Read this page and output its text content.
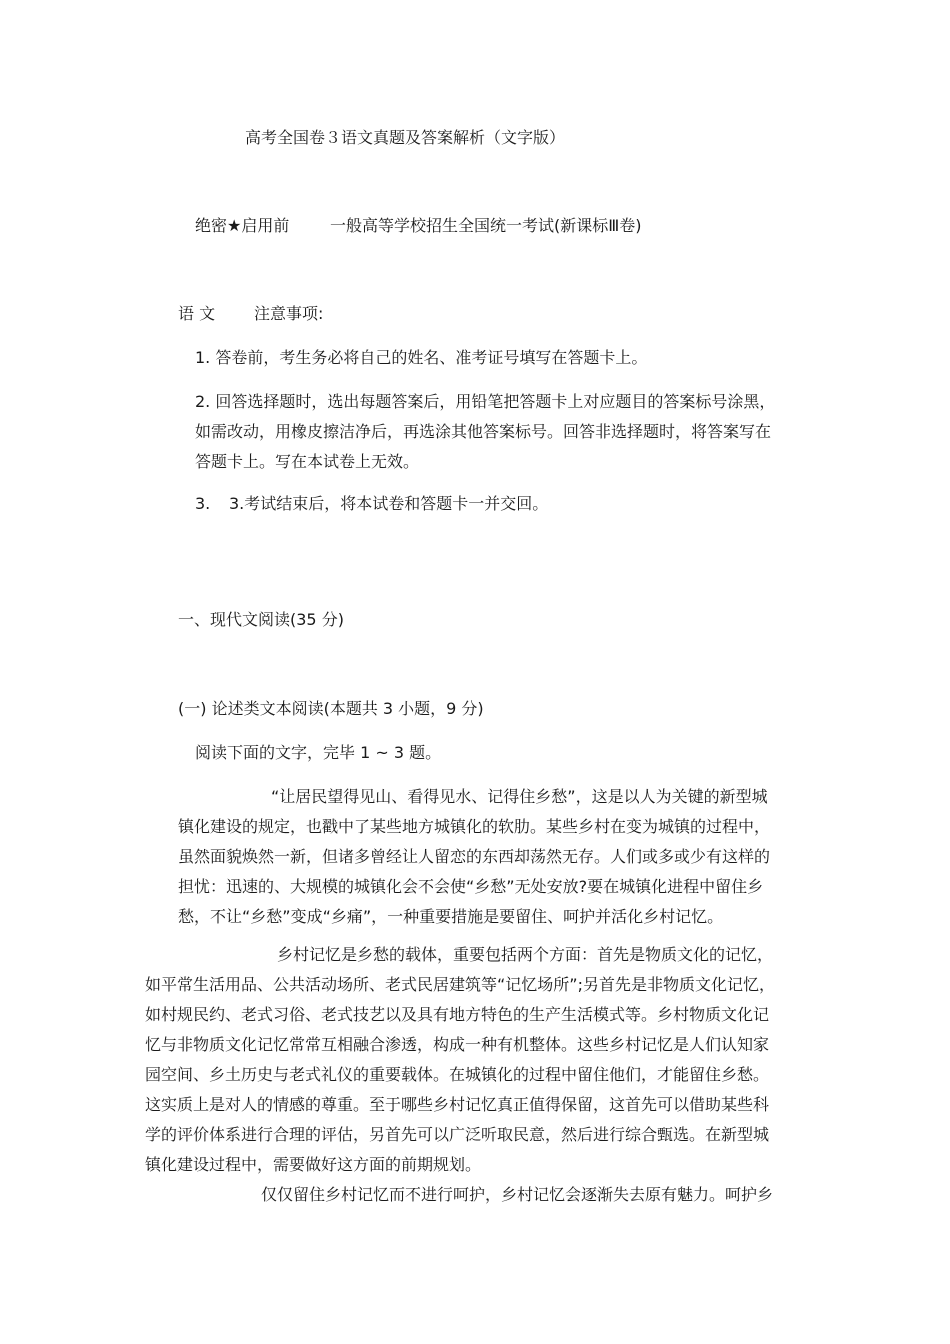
高考全国卷３语文真题及答案解析（文字版）
绝密★启用前	一般高等学校招生全国统一考试(新课标Ⅲ卷)
语 文 注意事项:
1. 答卷前，考生务必将自己的姓名、准考证号填写在答题卡上。

2. 回答选择题时，选出每题答案后，用铅笔把答题卡上对应题目的答案标号涂黑，

如需改动，用橡皮擦洁净后，再选涂其他答案标号。回答非选择题时，将答案写在

答题卡上。写在本试卷上无效。

3. 3.考试结束后，将本试卷和答题卡一并交回。
一、现代文阅读(35 分)
(一) 论述类文本阅读(本题共 3 小题，9 分)
阅读下面的文字，完毕 1 ~ 3 题。

“让居民望得见山、看得见水、记得住乡愁”，这是以人为关键的新型城

镇化建设的规定，也戳中了某些地方城镇化的软肋。某些乡村在变为城镇的过程中，

虽然面貌焕然一新，但诸多曾经让人留恋的东西却荡然无存。人们或多或少有这样的

担忧：迅速的、大规模的城镇化会不会使“乡愁”无处安放?要在城镇化进程中留住乡

愁，不让“乡愁”变成“乡痛”，一种重要措施是要留住、呵护并活化乡村记忆。

乡村记忆是乡愁的载体，重要包括两个方面：首先是物质文化的记忆，

如平常生活用品、公共活动场所、老式民居建筑等“记忆场所”;另首先是非物质文化记忆，

如村规民约、老式习俗、老式技艺以及具有地方特色的生产生活模式等。乡村物质文化记

忆与非物质文化记忆常常互相融合渗透，构成一种有机整体。这些乡村记忆是人们认知家

园空间、乡土历史与老式礼仪的重要载体。在城镇化的过程中留住他们，才能留住乡愁。

这实质上是对人的情感的尊重。至于哪些乡村记忆真正值得保留，这首先可以借助某些科

学的评价体系进行合理的评估，另首先可以广泛听取民意，然后进行综合甄选。在新型城

镇化建设过程中，需要做好这方面的前期规划。

仅仅留住乡村记忆而不进行呵护，乡村记忆会逐渐失去原有魅力。呵护乡
